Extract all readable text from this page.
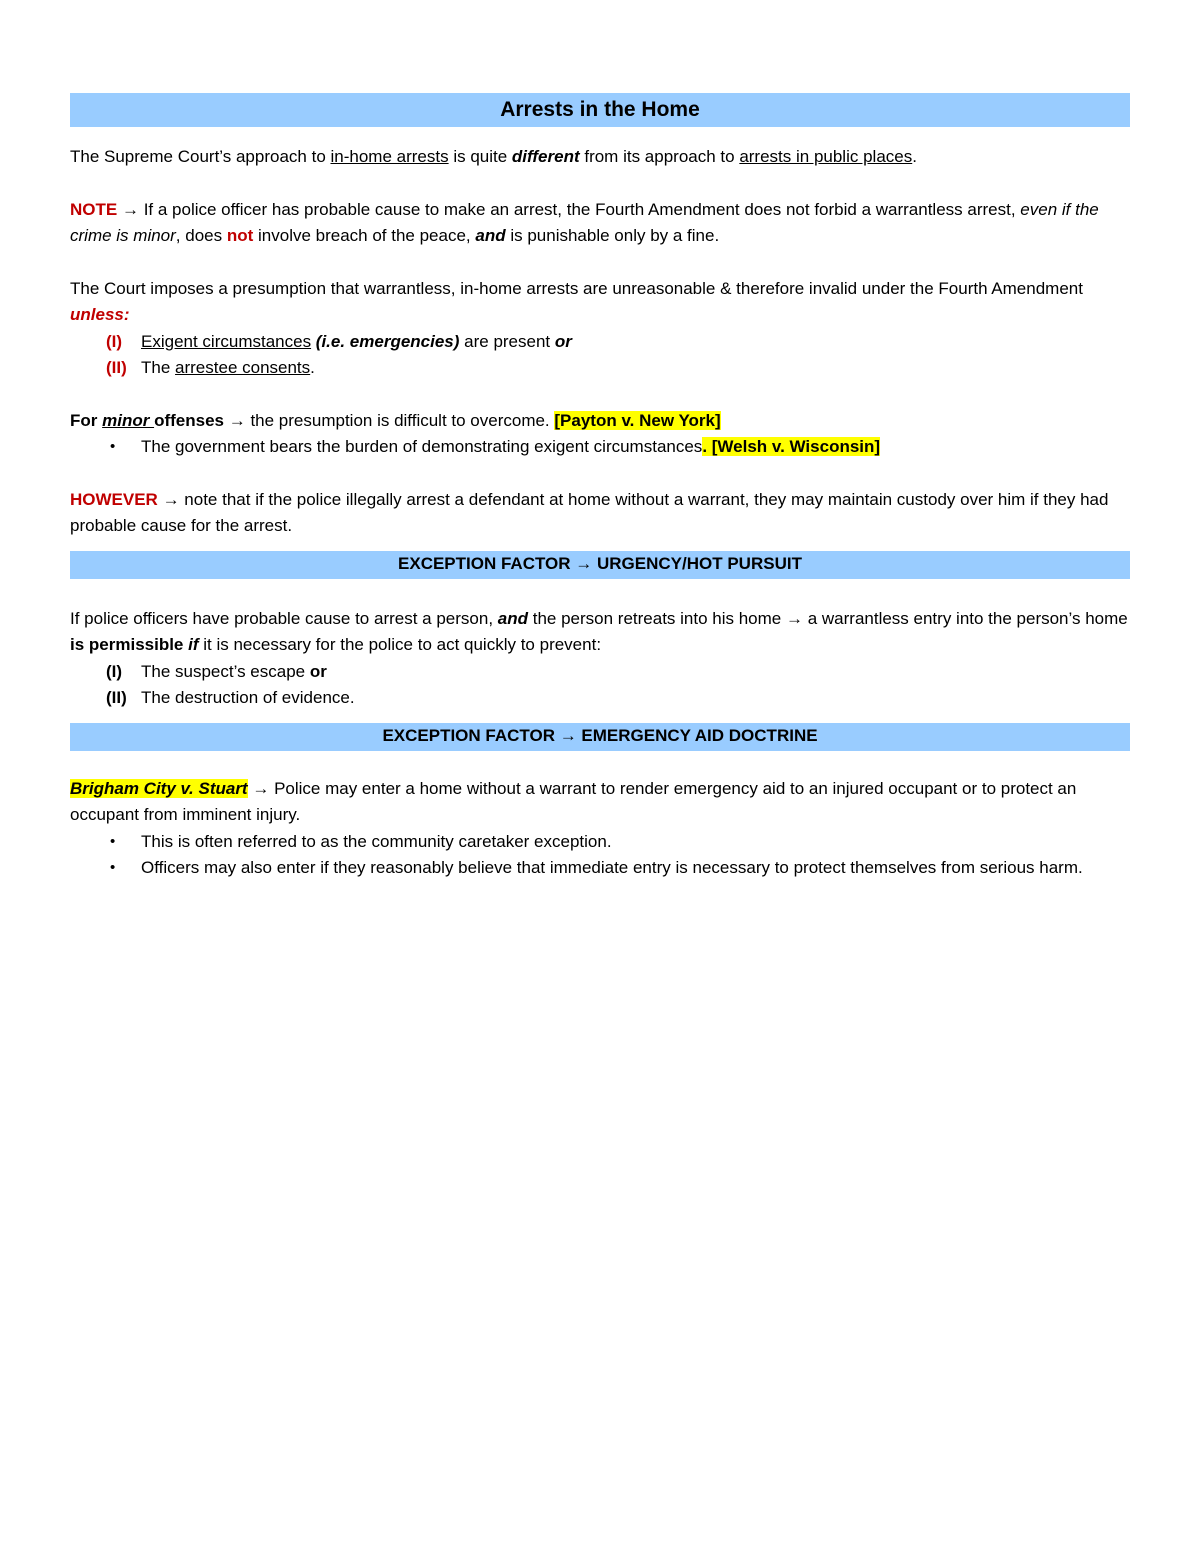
Arrests in the Home

The Supreme Court’s approach to in-home arrests is quite different from its approach to arrests in public places.

NOTE → If a police officer has probable cause to make an arrest, the Fourth Amendment does not forbid a warrantless arrest, even if the crime is minor, does not involve breach of the peace, and is punishable only by a fine.

The Court imposes a presumption that warrantless, in-home arrests are unreasonable & therefore invalid under the Fourth Amendment unless:

(I) Exigent circumstances (i.e. emergencies) are present or
(II) The arrestee consents.

For minor offenses → the presumption is difficult to overcome. [Payton v. New York]

• The government bears the burden of demonstrating exigent circumstances. [Welsh v. Wisconsin]

HOWEVER → note that if the police illegally arrest a defendant at home without a warrant, they may maintain custody over him if they had probable cause for the arrest.

EXCEPTION FACTOR → URGENCY/HOT PURSUIT

If police officers have probable cause to arrest a person, and the person retreats into his home → a warrantless entry into the person’s home is permissible if it is necessary for the police to act quickly to prevent:

(I) The suspect’s escape or
(II) The destruction of evidence.
EXCEPTION FACTOR → EMERGENCY AID DOCTRINE

Brigham City v. Stuart → Police may enter a home without a warrant to render emergency aid to an injured occupant or to protect an occupant from imminent injury.

• This is often referred to as the community caretaker exception.
• Officers may also enter if they reasonably believe that immediate entry is necessary to protect themselves from serious harm.
